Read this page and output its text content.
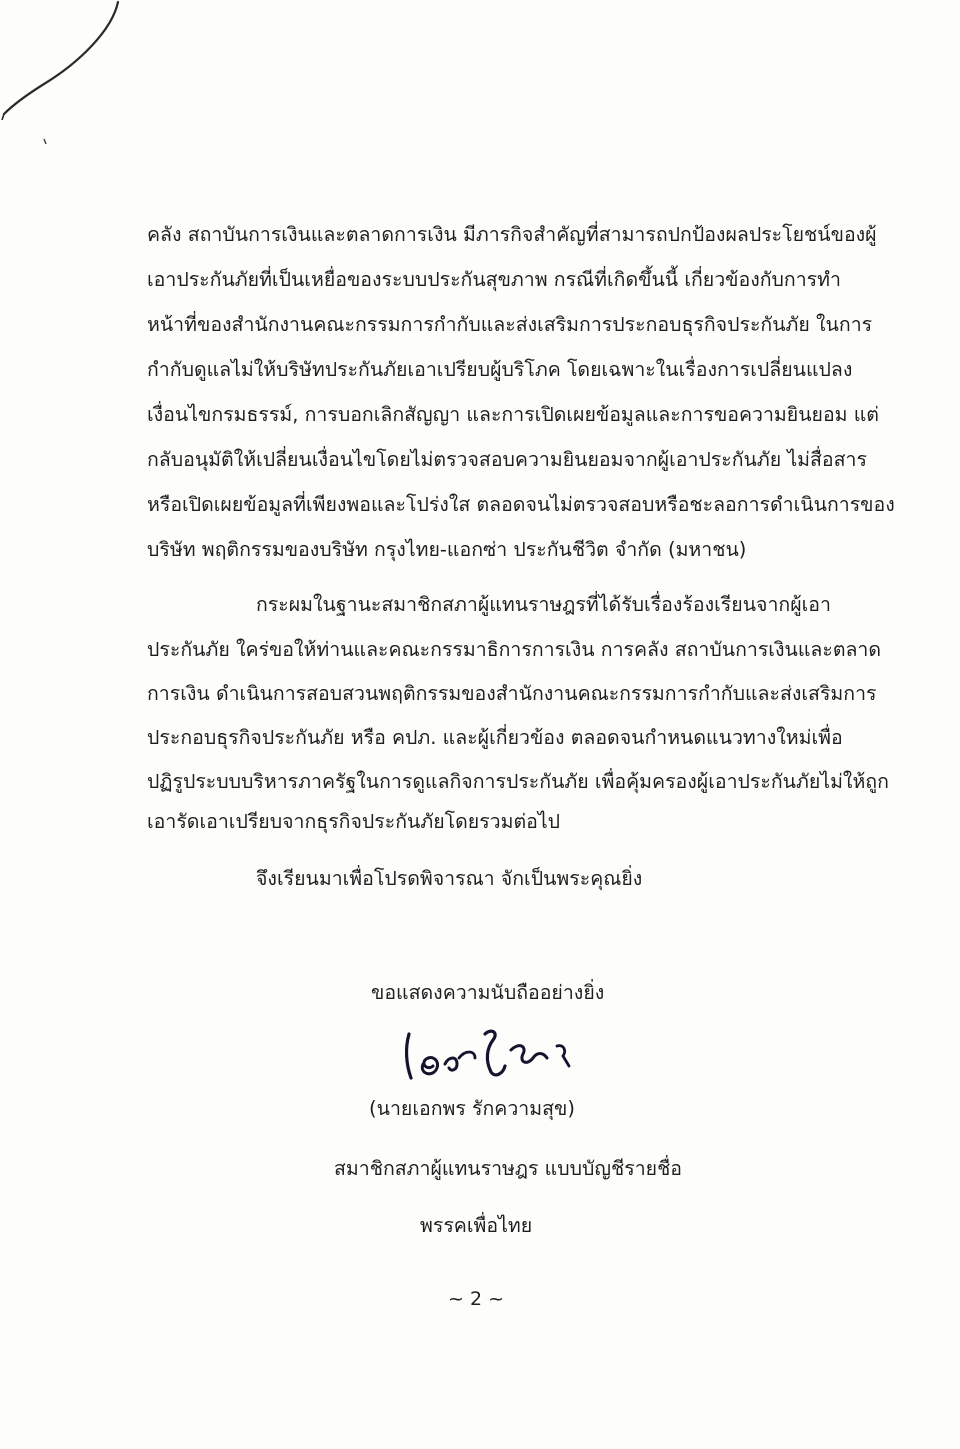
คลัง สถาบันการเงินและตลาดการเงิน มีภารกิจสำคัญที่สามารถปกป้องผลประโยชน์ของผู้
เอาประกันภัยที่เป็นเหยื่อของระบบประกันสุขภาพ กรณีที่เกิดขึ้นนี้ เกี่ยวข้องกับการทำ
หน้าที่ของสำนักงานคณะกรรมการกำกับและส่งเสริมการประกอบธุรกิจประกันภัย ในการ
กำกับดูแลไม่ให้บริษัทประกันภัยเอาเปรียบผู้บริโภค โดยเฉพาะในเรื่องการเปลี่ยนแปลง
เงื่อนไขกรมธรรม์, การบอกเลิกสัญญา และการเปิดเผยข้อมูลและการขอความยินยอม แต่
กลับอนุมัติให้เปลี่ยนเงื่อนไขโดยไม่ตรวจสอบความยินยอมจากผู้เอาประกันภัย ไม่สื่อสาร
หรือเปิดเผยข้อมูลที่เพียงพอและโปร่งใส ตลอดจนไม่ตรวจสอบหรือชะลอการดำเนินการของ
บริษัท พฤติกรรมของบริษัท กรุงไทย-แอกซ่า ประกันชีวิต จำกัด (มหาชน)
กระผมในฐานะสมาชิกสภาผู้แทนราษฎรที่ได้รับเรื่องร้องเรียนจากผู้เอา
ประกันภัย ใคร่ขอให้ท่านและคณะกรรมาธิการการเงิน การคลัง สถาบันการเงินและตลาด
การเงิน ดำเนินการสอบสวนพฤติกรรมของสำนักงานคณะกรรมการกำกับและส่งเสริมการ
ประกอบธุรกิจประกันภัย หรือ คปภ. และผู้เกี่ยวข้อง ตลอดจนกำหนดแนวทางใหม่เพื่อ
ปฏิรูประบบบริหารภาครัฐในการดูแลกิจการประกันภัย เพื่อคุ้มครองผู้เอาประกันภัยไม่ให้ถูก
เอารัดเอาเปรียบจากธุรกิจประกันภัยโดยรวมต่อไป
จึงเรียนมาเพื่อโปรดพิจารณา จักเป็นพระคุณยิ่ง
ขอแสดงความนับถืออย่างยิ่ง
(นายเอกพร รักความสุข)
สมาชิกสภาผู้แทนราษฎร แบบบัญชีรายชื่อ
พรรคเพื่อไทย
~ 2 ~
